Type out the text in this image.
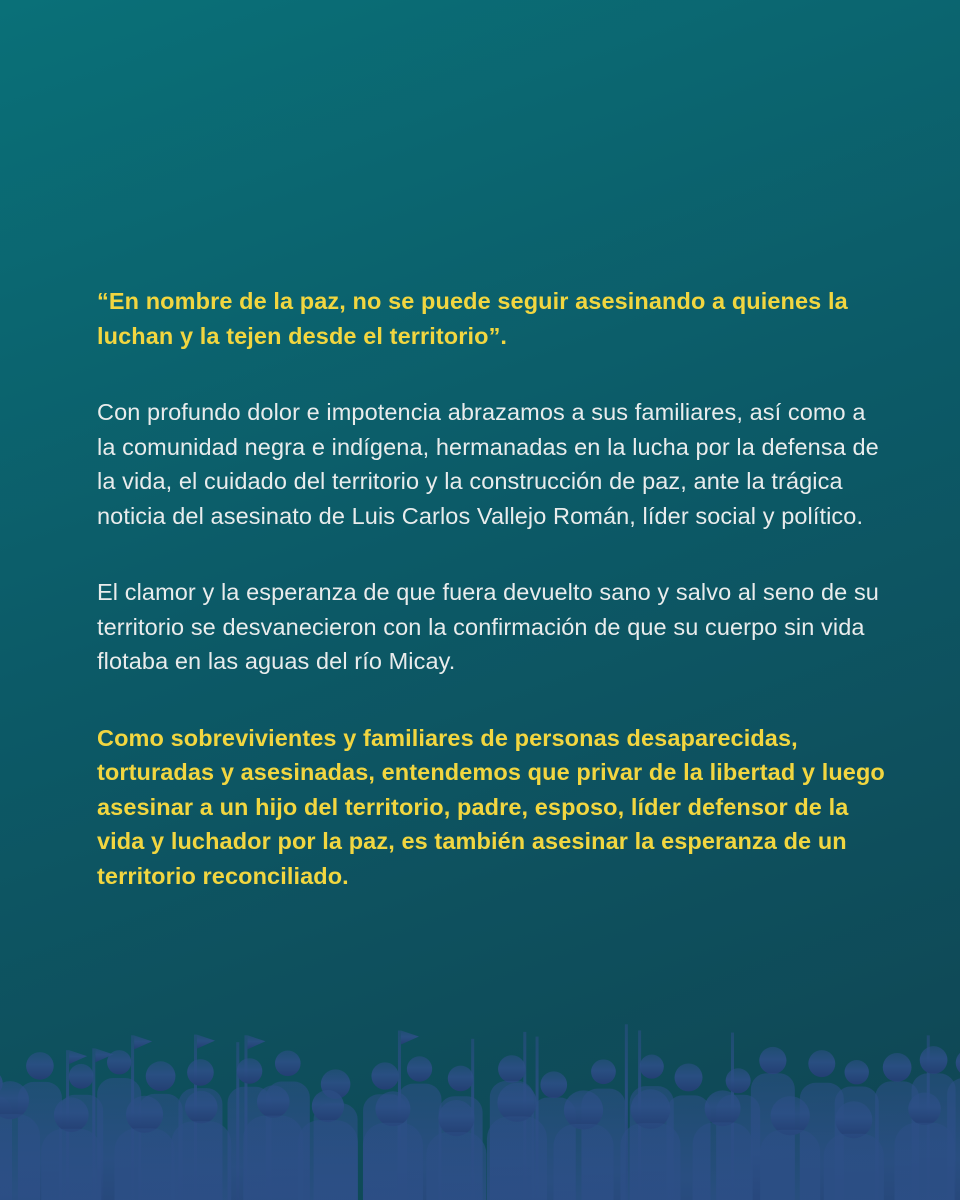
“En nombre de la paz, no se puede seguir asesinando a quienes la luchan y la tejen desde el territorio”.

Con profundo dolor e impotencia abrazamos a sus familiares, así como a la comunidad negra e indígena, hermanadas en la lucha por la defensa de la vida, el cuidado del territorio y la construcción de paz, ante la trágica noticia del asesinato de Luis Carlos Vallejo Román, líder social y político.

El clamor y la esperanza de que fuera devuelto sano y salvo al seno de su territorio se desvanecieron con la confirmación de que su cuerpo sin vida flotaba en las aguas del río Micay.

Como sobrevivientes y familiares de personas desaparecidas, torturadas y asesinadas, entendemos que privar de la libertad y luego asesinar a un hijo del territorio, padre, esposo, líder defensor de la vida y luchador por la paz, es también asesinar la esperanza de un territorio reconciliado.
